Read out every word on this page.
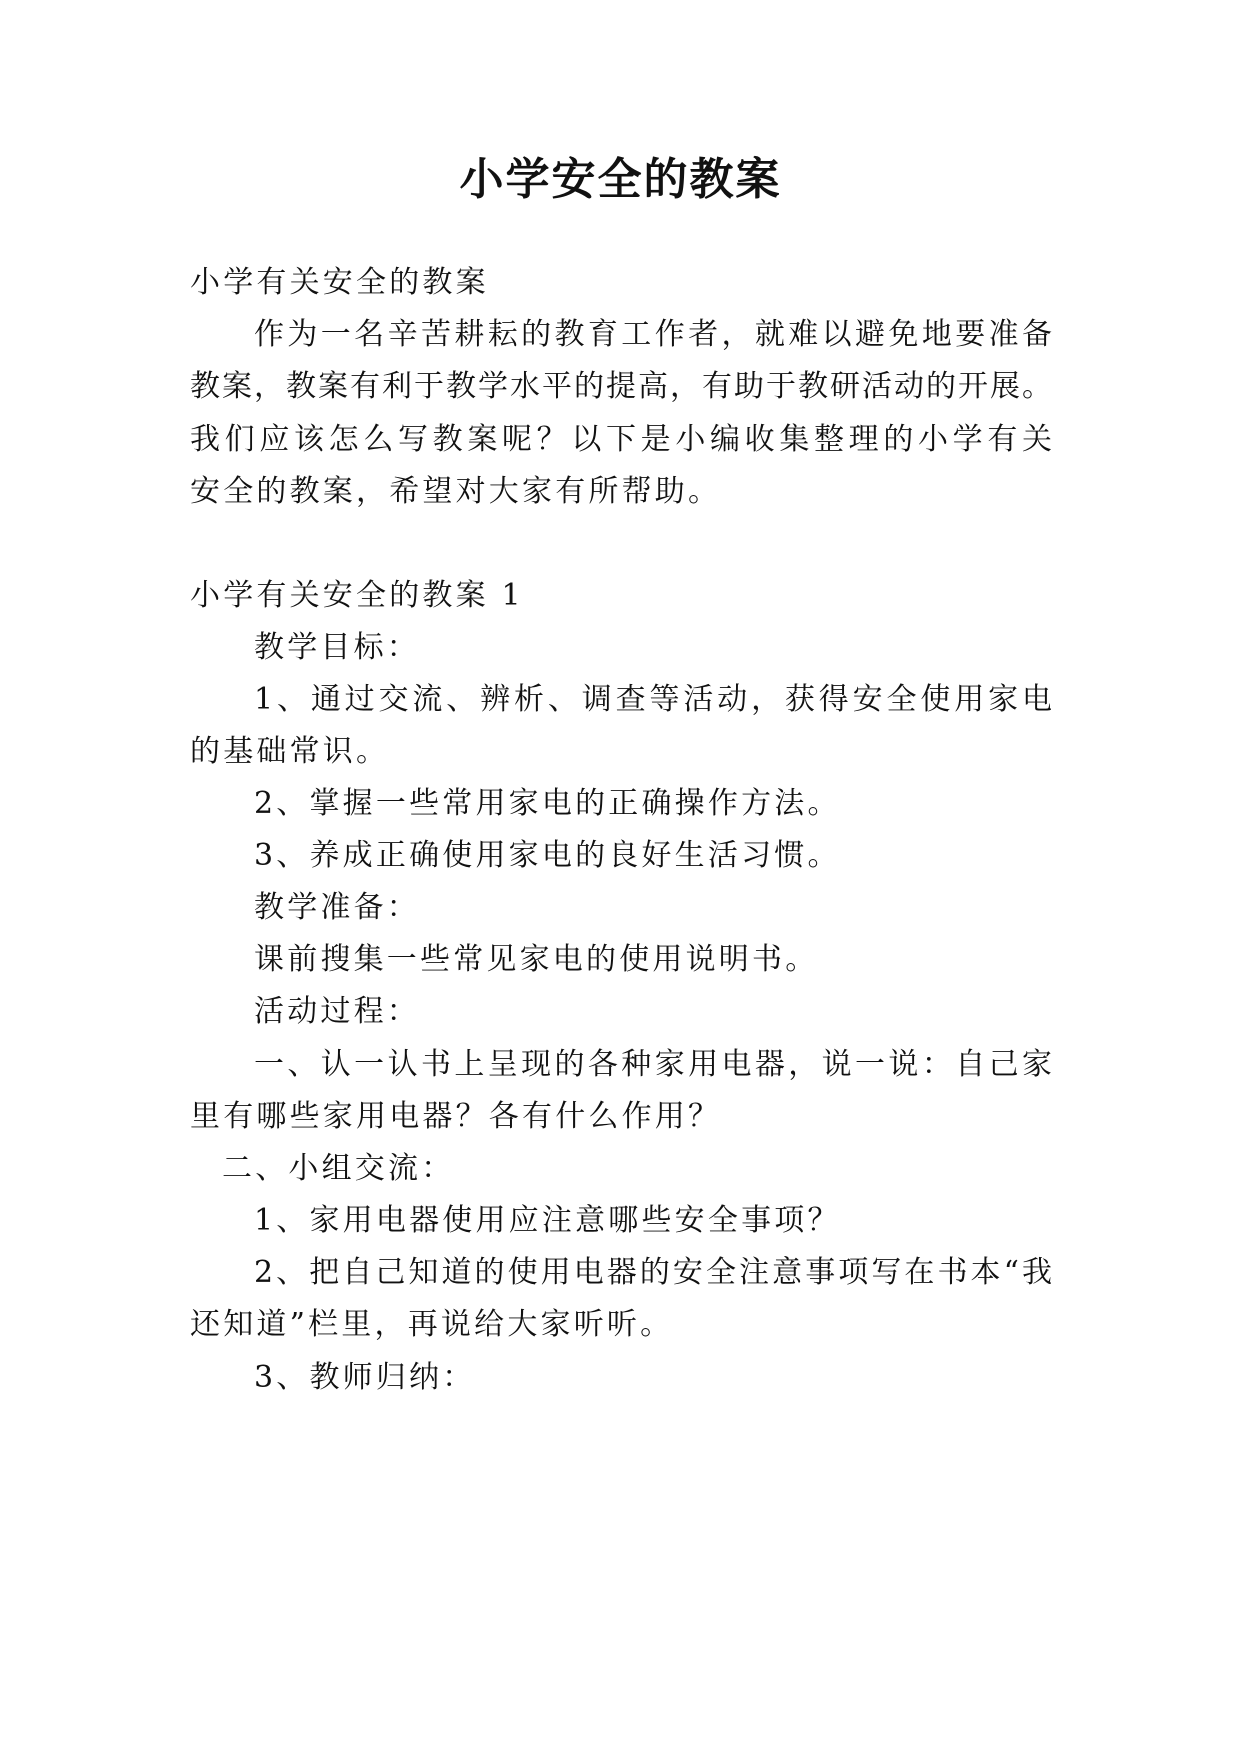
小学安全的教案
小学有关安全的教案
作为一名辛苦耕耘的教育工作者，就难以避免地要准备
教案，教案有利于教学水平的提高，有助于教研活动的开展。
我们应该怎么写教案呢？以下是小编收集整理的小学有关
安全的教案，希望对大家有所帮助。
小学有关安全的教案 1
教学目标：
1、通过交流、辨析、调查等活动，获得安全使用家电
的基础常识。
2、掌握一些常用家电的正确操作方法。
3、养成正确使用家电的良好生活习惯。
教学准备：
课前搜集一些常见家电的使用说明书。
活动过程：
一、认一认书上呈现的各种家用电器，说一说：自己家
里有哪些家用电器？各有什么作用？
二、小组交流：
1、家用电器使用应注意哪些安全事项？
2、把自己知道的使用电器的安全注意事项写在书本“我
还知道”栏里，再说给大家听听。
3、教师归纳：
